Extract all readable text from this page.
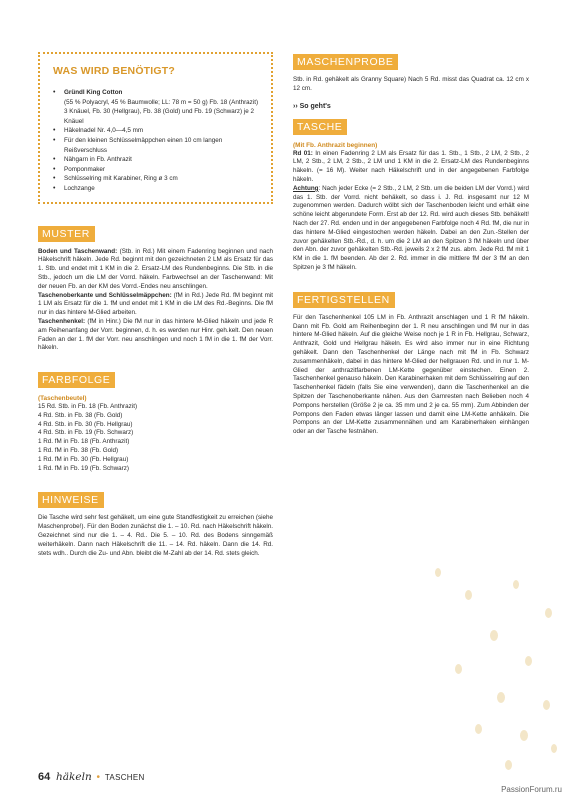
WAS WIRD BENÖTIGT?
• Gründl King Cotton
(55 % Polyacryl, 45 % Baumwolle; LL: 78 m = 50 g) Fb. 18 (Anthrazit) 3 Knäuel, Fb. 30 (Hellgrau), Fb. 38 (Gold) und Fb. 19 (Schwarz) je 2 Knäuel
• Häkelnadel Nr. 4,0—4,5 mm
• Für den kleinen Schlüsselmäppchen einen 10 cm langen Reißverschluss
• Nähgarn in Fb. Anthrazit
• Pomponmaker
• Schlüsselring mit Karabiner, Ring ø 3 cm
• Lochzange
MUSTER

Boden und Taschenwand: (Stb. in Rd.) Mit einem Fadenring beginnen und nach Häkelschrift häkeln. Jede Rd. beginnt mit den gezeichneten 2 LM als Ersatz für das 1. Stb. und endet mit 1 KM in die 2. Ersatz-LM des Rundenbeginns. Die Stb. in die Stb., jedoch um die LM der Vorrd. häkeln. Farbwechsel an der Taschenwand: Mit der neuen Fb. an der KM des Vorrd.-Endes neu anschlingen.

Taschenoberkante und Schlüsselmäppchen: (fM in Rd.) Jede Rd. fM beginnt mit 1 LM als Ersatz für die 1. fM und endet mit 1 KM in die LM des Rd.-Beginns. Die fM nur in das hintere M-Glied arbeiten.

Taschenhenkel: (fM in Hinr.) Die fM nur in das hintere M-Glied häkeln und jede R am Reihenanfang der Vorr. beginnen, d. h. es werden nur Hinr. geh.kelt. Den neuen Faden an der 1. fM der Vorr. neu anschlingen und noch 1 fM in die 1. fM der Vorr. häkeln.

FARBFOLGE
(Taschenbeutel)

15 Rd. Stb. in Fb. 18 (Fb. Anthrazit)

4 Rd. Stb. in Fb. 38 (Fb. Gold)

4 Rd. Stb. in Fb. 30 (Fb. Hellgrau)

4 Rd. Stb. in Fb. 19 (Fb. Schwarz)

1 Rd. fM in Fb. 18 (Fb. Anthrazit)

1 Rd. fM in Fb. 38 (Fb. Gold)

1 Rd. fM in Fb. 30 (Fb. Hellgrau)

1 Rd. fM in Fb. 19 (Fb. Schwarz)

HINWEISE

Die Tasche wird sehr fest gehäkelt, um eine gute Standfestigkeit zu erreichen (siehe Maschenprobe!). Für den Boden zunächst die 1. – 10. Rd. nach Häkelschrift häkeln. Gezeichnet sind nur die 1. – 4. Rd.. Die 5. – 10. Rd. des Bodens sinngemäß weiterhäkeln. Dann nach Häkelschrift die 11. – 14. Rd. häkeln. Dann die 14. Rd. stets wdh.. Durch die Zu- und Abn. bleibt die M-Zahl ab der 14. Rd. stets gleich.

MASCHENPROBE

Stb. in Rd. gehäkelt als Granny Square) Nach 5 Rd. misst das Quadrat ca. 12 cm x 12 cm.

›› So geht's
TASCHE
(Mit Fb. Anthrazit beginnen)

Rd 01: In einen Fadenring 2 LM als Ersatz für das 1. Stb., 1 Stb., 2 LM, 2 Stb., 2 LM, 2 Stb., 2 LM, 2 Stb., 2 LM und 1 KM in die 2. Ersatz-LM des Rundenbeginns häkeln. (= 16 M). Weiter nach Häkelschrift und in der angegebenen Farbfolge häkeln.

Achtung: Nach jeder Ecke (= 2 Stb., 2 LM, 2 Stb. um die beiden LM der Vorrd.) wird das 1. Stb. der Vorrd. nicht behäkelt, so dass i. J. Rd. insgesamt nur 12 M zugenommen werden. Dadurch wölbt sich der Taschenboden leicht und erhält eine schöne leicht abgerundete Form. Erst ab der 12. Rd. wird auch dieses Stb. behäkelt! Nach der 27. Rd. enden und in der angegebenen Farbfolge noch 4 Rd. fM, die nur in das hintere M-Glied eingestochen werden häkeln. Dabei an den Zun.-Stellen der zuvor gehäkelten Stb.-Rd., d. h. um die 2 LM an den Spitzen 3 fM häkeln und über den Abn. der zuvor gehäkelten Stb.-Rd. jeweils 2 x 2 fM zus. abm. Jede Rd. fM mit 1 KM in die 1. fM beenden. Ab der 2. Rd. immer in die mittlere fM der 3 fM an den Spitzen je 3 fM häkeln.

FERTIGSTELLEN

Für den Taschenhenkel 105 LM in Fb. Anthrazit anschlagen und 1 R fM häkeln. Dann mit Fb. Gold am Reihenbeginn der 1. R neu anschlingen und fM nur in das hintere M-Glied häkeln. Auf die gleiche Weise noch je 1 R in Fb. Hellgrau, Schwarz, Anthrazit, Gold und Hellgrau häkeln. Es wird also immer nur in eine Richtung gehäkelt. Dann den Taschenhenkel der Länge nach mit fM in Fb. Schwarz zusammenhäkeln, dabei in das hintere M-Glied der hellgrauen Rd. und in nur 1. M-Glied der anthrazitfarbenen LM-Kette gegenüber einstechen. Einen 2. Taschenhenkel genauso häkeln. Den Karabinerhaken mit dem Schlüsselring auf den Taschenhenkel fädeln (falls Sie eine verwenden), dann die Taschenhenkel an die Spitzen der Taschenoberkante nähen. Aus den Garnresten nach Belieben noch 4 Pompons herstellen (Größe 2 je ca. 35 mm und 2 je ca. 55 mm). Zum Abbinden der Pompons den Faden etwas länger lassen und damit eine LM-Kette anhäkeln. Die Pompons an der LM-Kette zusammennähen und am Karabinerhaken einhängen oder an der Tasche festnähen.

64 häkeln • TASCHEN
PassionForum.ru
